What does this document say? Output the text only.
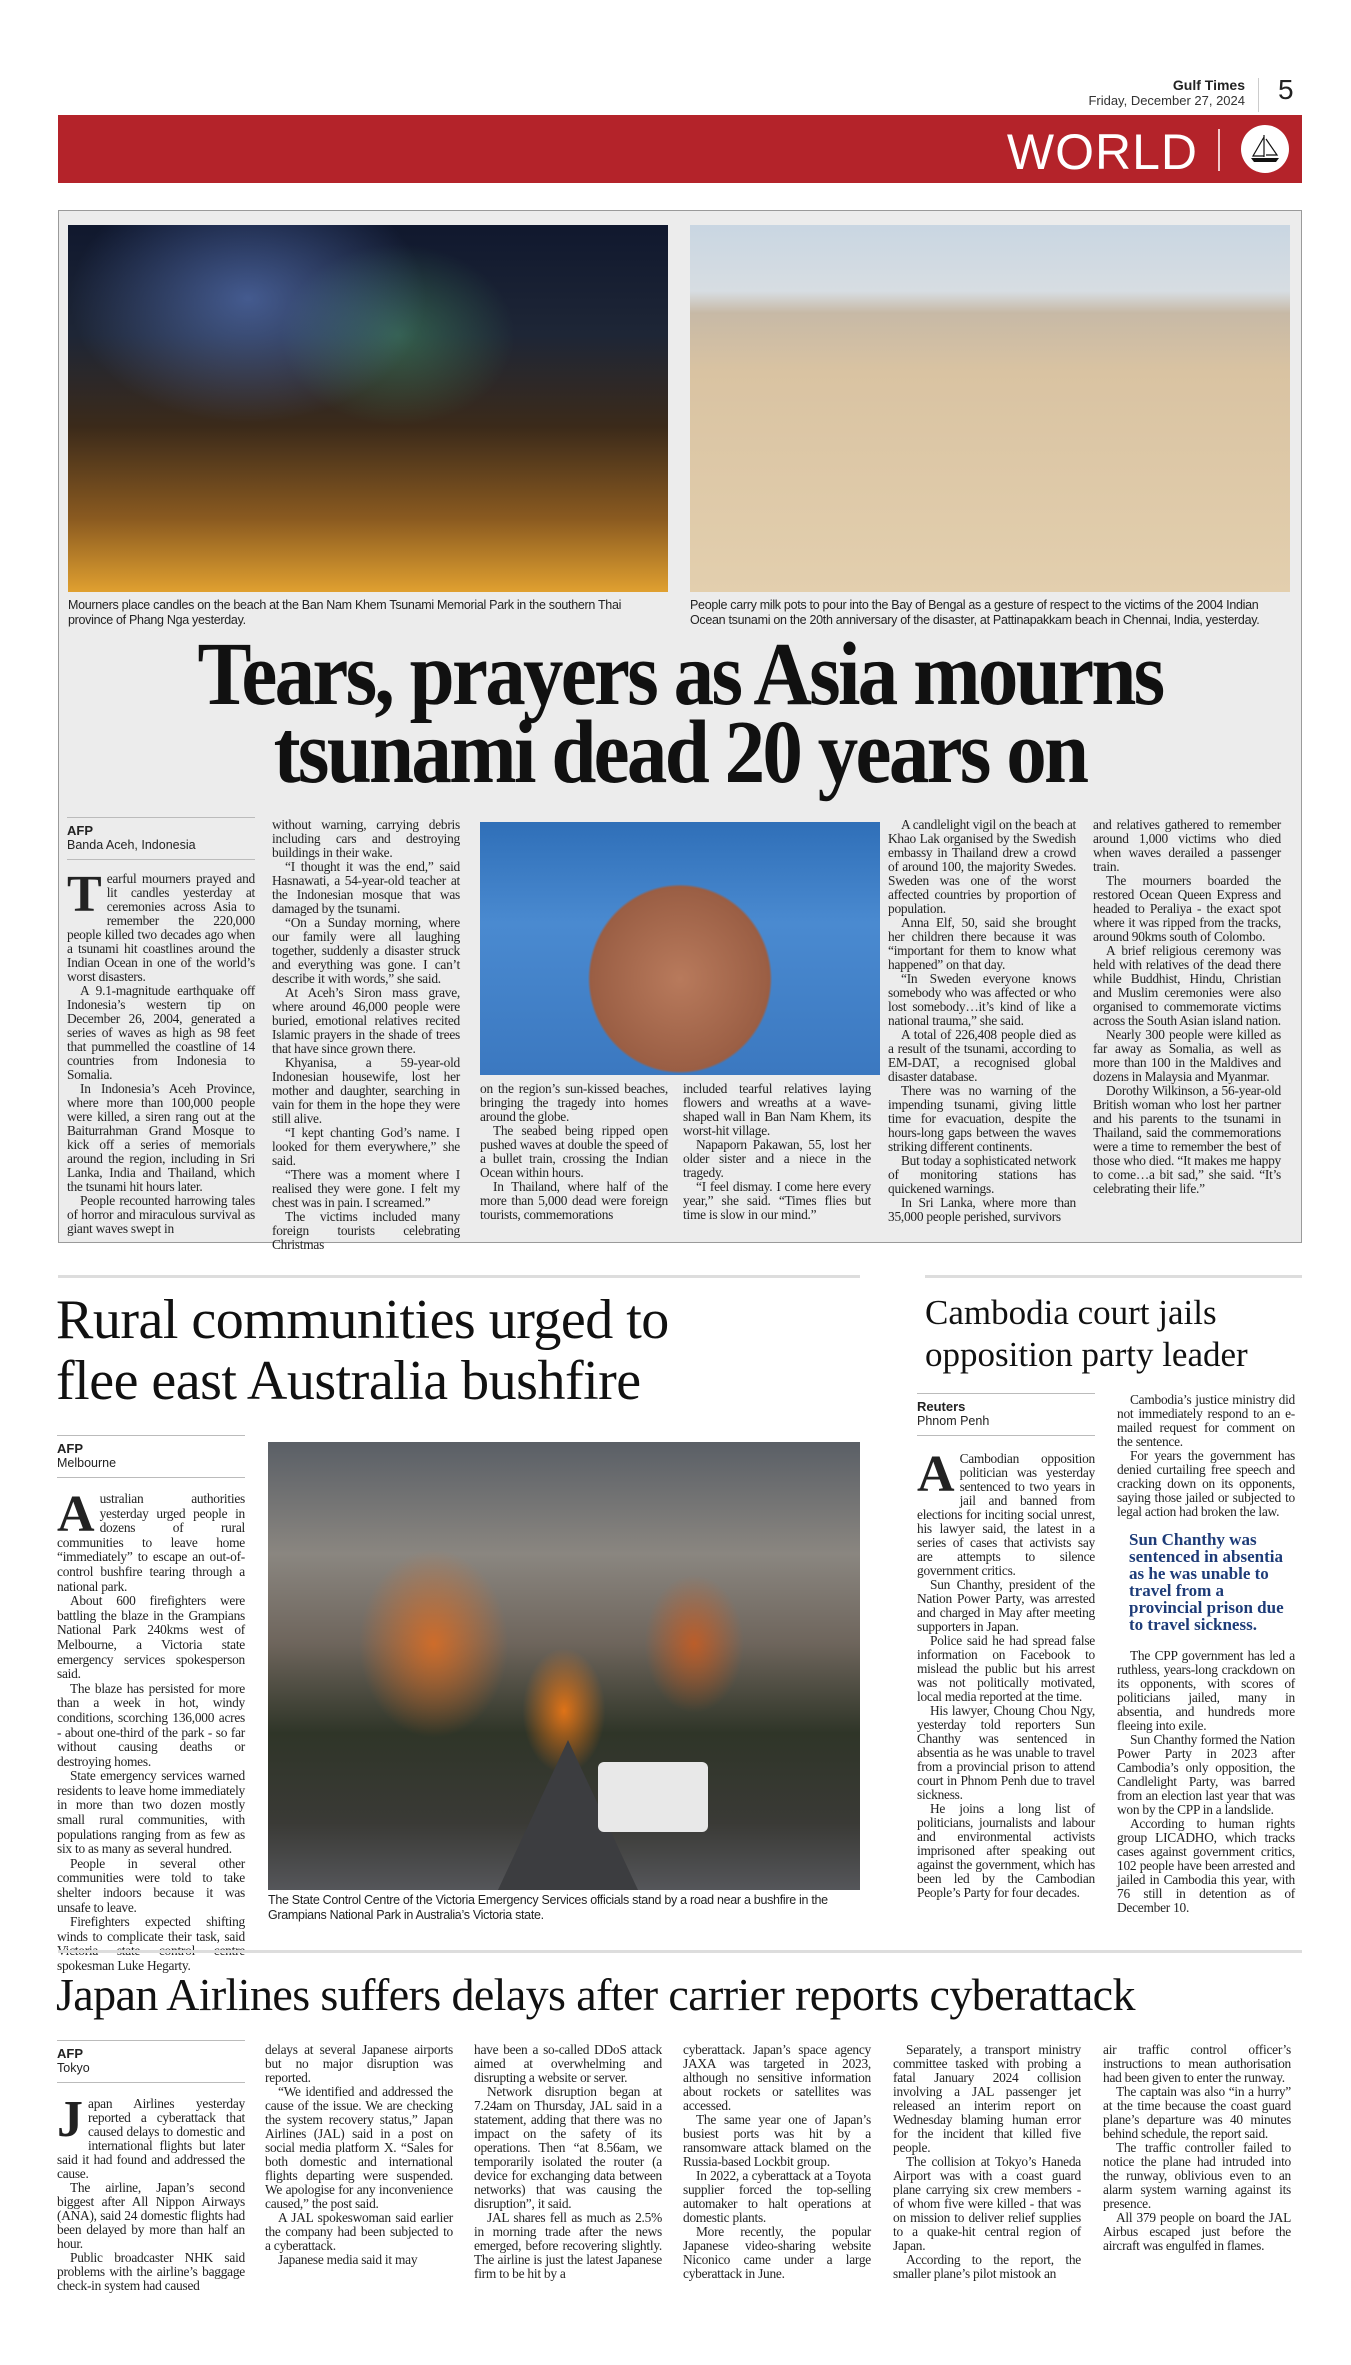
Gulf Times
Friday, December 27, 2024 5
WORLD
Mourners place candles on the beach at the Ban Nam Khem Tsunami Memorial Park in the southern Thai province of Phang Nga yesterday.
People carry milk pots to pour into the Bay of Bengal as a gesture of respect to the victims of the 2004 Indian Ocean tsunami on the 20th anniversary of the disaster, at Pattinapakkam beach in Chennai, India, yesterday.
Tears, prayers as Asia mourns
tsunami dead 20 years on
AFP
Banda Aceh, Indonesia

Tearful mourners prayed and lit candles yesterday at ceremonies across Asia to remember the 220,000 people killed two decades ago when a tsunami hit coastlines around the Indian Ocean in one of the world’s worst disasters.

A 9.1-magnitude earthquake off Indonesia’s western tip on December 26, 2004, generated a series of waves as high as 98 feet that pummelled the coastline of 14 countries from Indonesia to Somalia.

In Indonesia’s Aceh Province, where more than 100,000 people were killed, a siren rang out at the Baiturrahman Grand Mosque to kick off a series of memorials around the region, including in Sri Lanka, India and Thailand, which the tsunami hit hours later.

People recounted harrowing tales of horror and miraculous survival as giant waves swept in

without warning, carrying debris including cars and destroying buildings in their wake.

“I thought it was the end,” said Hasnawati, a 54-year-old teacher at the Indonesian mosque that was damaged by the tsunami.

“On a Sunday morning, where our family were all laughing together, suddenly a disaster struck and everything was gone. I can’t describe it with words,” she said.

At Aceh’s Siron mass grave, where around 46,000 people were buried, emotional relatives recited Islamic prayers in the shade of trees that have since grown there.

Khyanisa, a 59-year-old Indonesian housewife, lost her mother and daughter, searching in vain for them in the hope they were still alive.

“I kept chanting God’s name. I looked for them everywhere,” she said.

“There was a moment where I realised they were gone. I felt my chest was in pain. I screamed.”

The victims included many foreign tourists celebrating Christmas

on the region’s sun-kissed beaches, bringing the tragedy into homes around the globe.

The seabed being ripped open pushed waves at double the speed of a bullet train, crossing the Indian Ocean within hours.

In Thailand, where half of the more than 5,000 dead were foreign tourists, commemorations

included tearful relatives laying flowers and wreaths at a wave-shaped wall in Ban Nam Khem, its worst-hit village.

Napaporn Pakawan, 55, lost her older sister and a niece in the tragedy.

“I feel dismay. I come here every year,” she said. “Times flies but time is slow in our mind.”

A candlelight vigil on the beach at Khao Lak organised by the Swedish embassy in Thailand drew a crowd of around 100, the majority Swedes. Sweden was one of the worst affected countries by proportion of population.

Anna Elf, 50, said she brought her children there because it was “important for them to know what happened” on that day.

“In Sweden everyone knows somebody who was affected or who lost somebody…it’s kind of like a national trauma,” she said.

A total of 226,408 people died as a result of the tsunami, according to EM-DAT, a recognised global disaster database.

There was no warning of the impending tsunami, giving little time for evacuation, despite the hours-long gaps between the waves striking different continents.

But today a sophisticated network of monitoring stations has quickened warnings.

In Sri Lanka, where more than 35,000 people perished, survivors

and relatives gathered to remember around 1,000 victims who died when waves derailed a passenger train.

The mourners boarded the restored Ocean Queen Express and headed to Peraliya - the exact spot where it was ripped from the tracks, around 90kms south of Colombo.

A brief religious ceremony was held with relatives of the dead there while Buddhist, Hindu, Christian and Muslim ceremonies were also organised to commemorate victims across the South Asian island nation.

Nearly 300 people were killed as far away as Somalia, as well as more than 100 in the Maldives and dozens in Malaysia and Myanmar.

Dorothy Wilkinson, a 56-year-old British woman who lost her partner and his parents to the tsunami in Thailand, said the commemorations were a time to remember the best of those who died. “It makes me happy to come…a bit sad,” she said. “It’s celebrating their life.”

Rural communities urged to
flee east Australia bushfire
AFP
Melbourne

Australian authorities yesterday urged people in dozens of rural communities to leave home “immediately” to escape an out-of-control bushfire tearing through a national park.

About 600 firefighters were battling the blaze in the Grampians National Park 240kms west of Melbourne, a Victoria state emergency services spokesperson said.

The blaze has persisted for more than a week in hot, windy conditions, scorching 136,000 acres - about one-third of the park - so far without causing deaths or destroying homes.

State emergency services warned residents to leave home immediately in more than two dozen mostly small rural communities, with populations ranging from as few as six to as many as several hundred.

People in several other communities were told to take shelter indoors because it was unsafe to leave.

Firefighters expected shifting winds to complicate their task, said spokesman Luke Hegarty.

The State Control Centre of the Victoria Emergency Services officials stand by a road near a bushfire in the Grampians National Park in Australia’s Victoria state.
Cambodia court jails
opposition party leader
Reuters
Phnom Penh

A Cambodian opposition politician was yesterday sentenced to two years in jail and banned from elections for inciting social unrest, his lawyer said, the latest in a series of cases that activists say are attempts to silence government critics.

Sun Chanthy, president of the Nation Power Party, was arrested and charged in May after meeting supporters in Japan.

Police said he had spread false information on Facebook to mislead the public but his arrest was not politically motivated, local media reported at the time.

His lawyer, Choung Chou Ngy, yesterday told reporters Sun Chanthy was sentenced in absentia as he was unable to travel from a provincial prison to attend court in Phnom Penh due to travel sickness.

He joins a long list of politicians, journalists and labour and environmental activists imprisoned after speaking out against the government, which has been led by the Cambodian People’s Party for four decades.

Cambodia’s justice ministry did not immediately respond to an e-mailed request for comment on the sentence.

For years the government has denied curtailing free speech and cracking down on its opponents, saying those jailed or subjected to legal action had broken the law.

Sun Chanthy was sentenced in absentia as he was unable to travel from a provincial prison due to travel sickness.

The CPP government has led a ruthless, years-long crackdown on its opponents, with scores of politicians jailed, many in absentia, and hundreds more fleeing into exile.

Sun Chanthy formed the Nation Power Party in 2023 after Cambodia’s only opposition, the Candlelight Party, was barred from an election last year that was won by the CPP in a landslide.

According to human rights group LICADHO, which tracks cases against government critics, 102 people have been arrested and jailed in Cambodia this year, with 76 still in detention as of December 10.

Japan Airlines suffers delays after carrier reports cyberattack
AFP
Tokyo

Japan Airlines yesterday reported a cyberattack that caused delays to domestic and international flights but later said it had found and addressed the cause.

The airline, Japan’s second biggest after All Nippon Airways (ANA), said 24 domestic flights had been delayed by more than half an hour.

Public broadcaster NHK said problems with the airline’s baggage check-in system had caused

delays at several Japanese airports but no major disruption was reported.

“We identified and addressed the cause of the issue. We are checking the system recovery status,” Japan Airlines (JAL) said in a post on social media platform X. “Sales for both domestic and international flights departing were suspended. We apologise for any inconvenience caused,” the post said.

A JAL spokeswoman said earlier the company had been subjected to a cyberattack.

Japanese media said it may

have been a so-called DDoS attack aimed at overwhelming and disrupting a website or server.

Network disruption began at 7.24am on Thursday, JAL said in a statement, adding that there was no impact on the safety of its operations. Then “at 8.56am, we temporarily isolated the router (a device for exchanging data between networks) that was causing the disruption”, it said.

JAL shares fell as much as 2.5% in morning trade after the news emerged, before recovering slightly. The airline is just the latest Japanese firm to be hit by a

cyberattack. Japan’s space agency JAXA was targeted in 2023, although no sensitive information about rockets or satellites was accessed.

The same year one of Japan’s busiest ports was hit by a ransomware attack blamed on the Russia-based Lockbit group.

In 2022, a cyberattack at a Toyota supplier forced the top-selling automaker to halt operations at domestic plants.

More recently, the popular Japanese video-sharing website Niconico came under a large cyberattack in June.

Separately, a transport ministry committee tasked with probing a fatal January 2024 collision involving a JAL passenger jet released an interim report on Wednesday blaming human error for the incident that killed five people.

The collision at Tokyo’s Haneda Airport was with a coast guard plane carrying six crew members - of whom five were killed - that was on mission to deliver relief supplies to a quake-hit central region of Japan.

According to the report, the smaller plane’s pilot mistook an

air traffic control officer’s instructions to mean authorisation had been given to enter the runway.

The captain was also “in a hurry” at the time because the coast guard plane’s departure was 40 minutes behind schedule, the report said.

The traffic controller failed to notice the plane had intruded into the runway, oblivious even to an alarm system warning against its presence.

All 379 people on board the JAL Airbus escaped just before the aircraft was engulfed in flames.
